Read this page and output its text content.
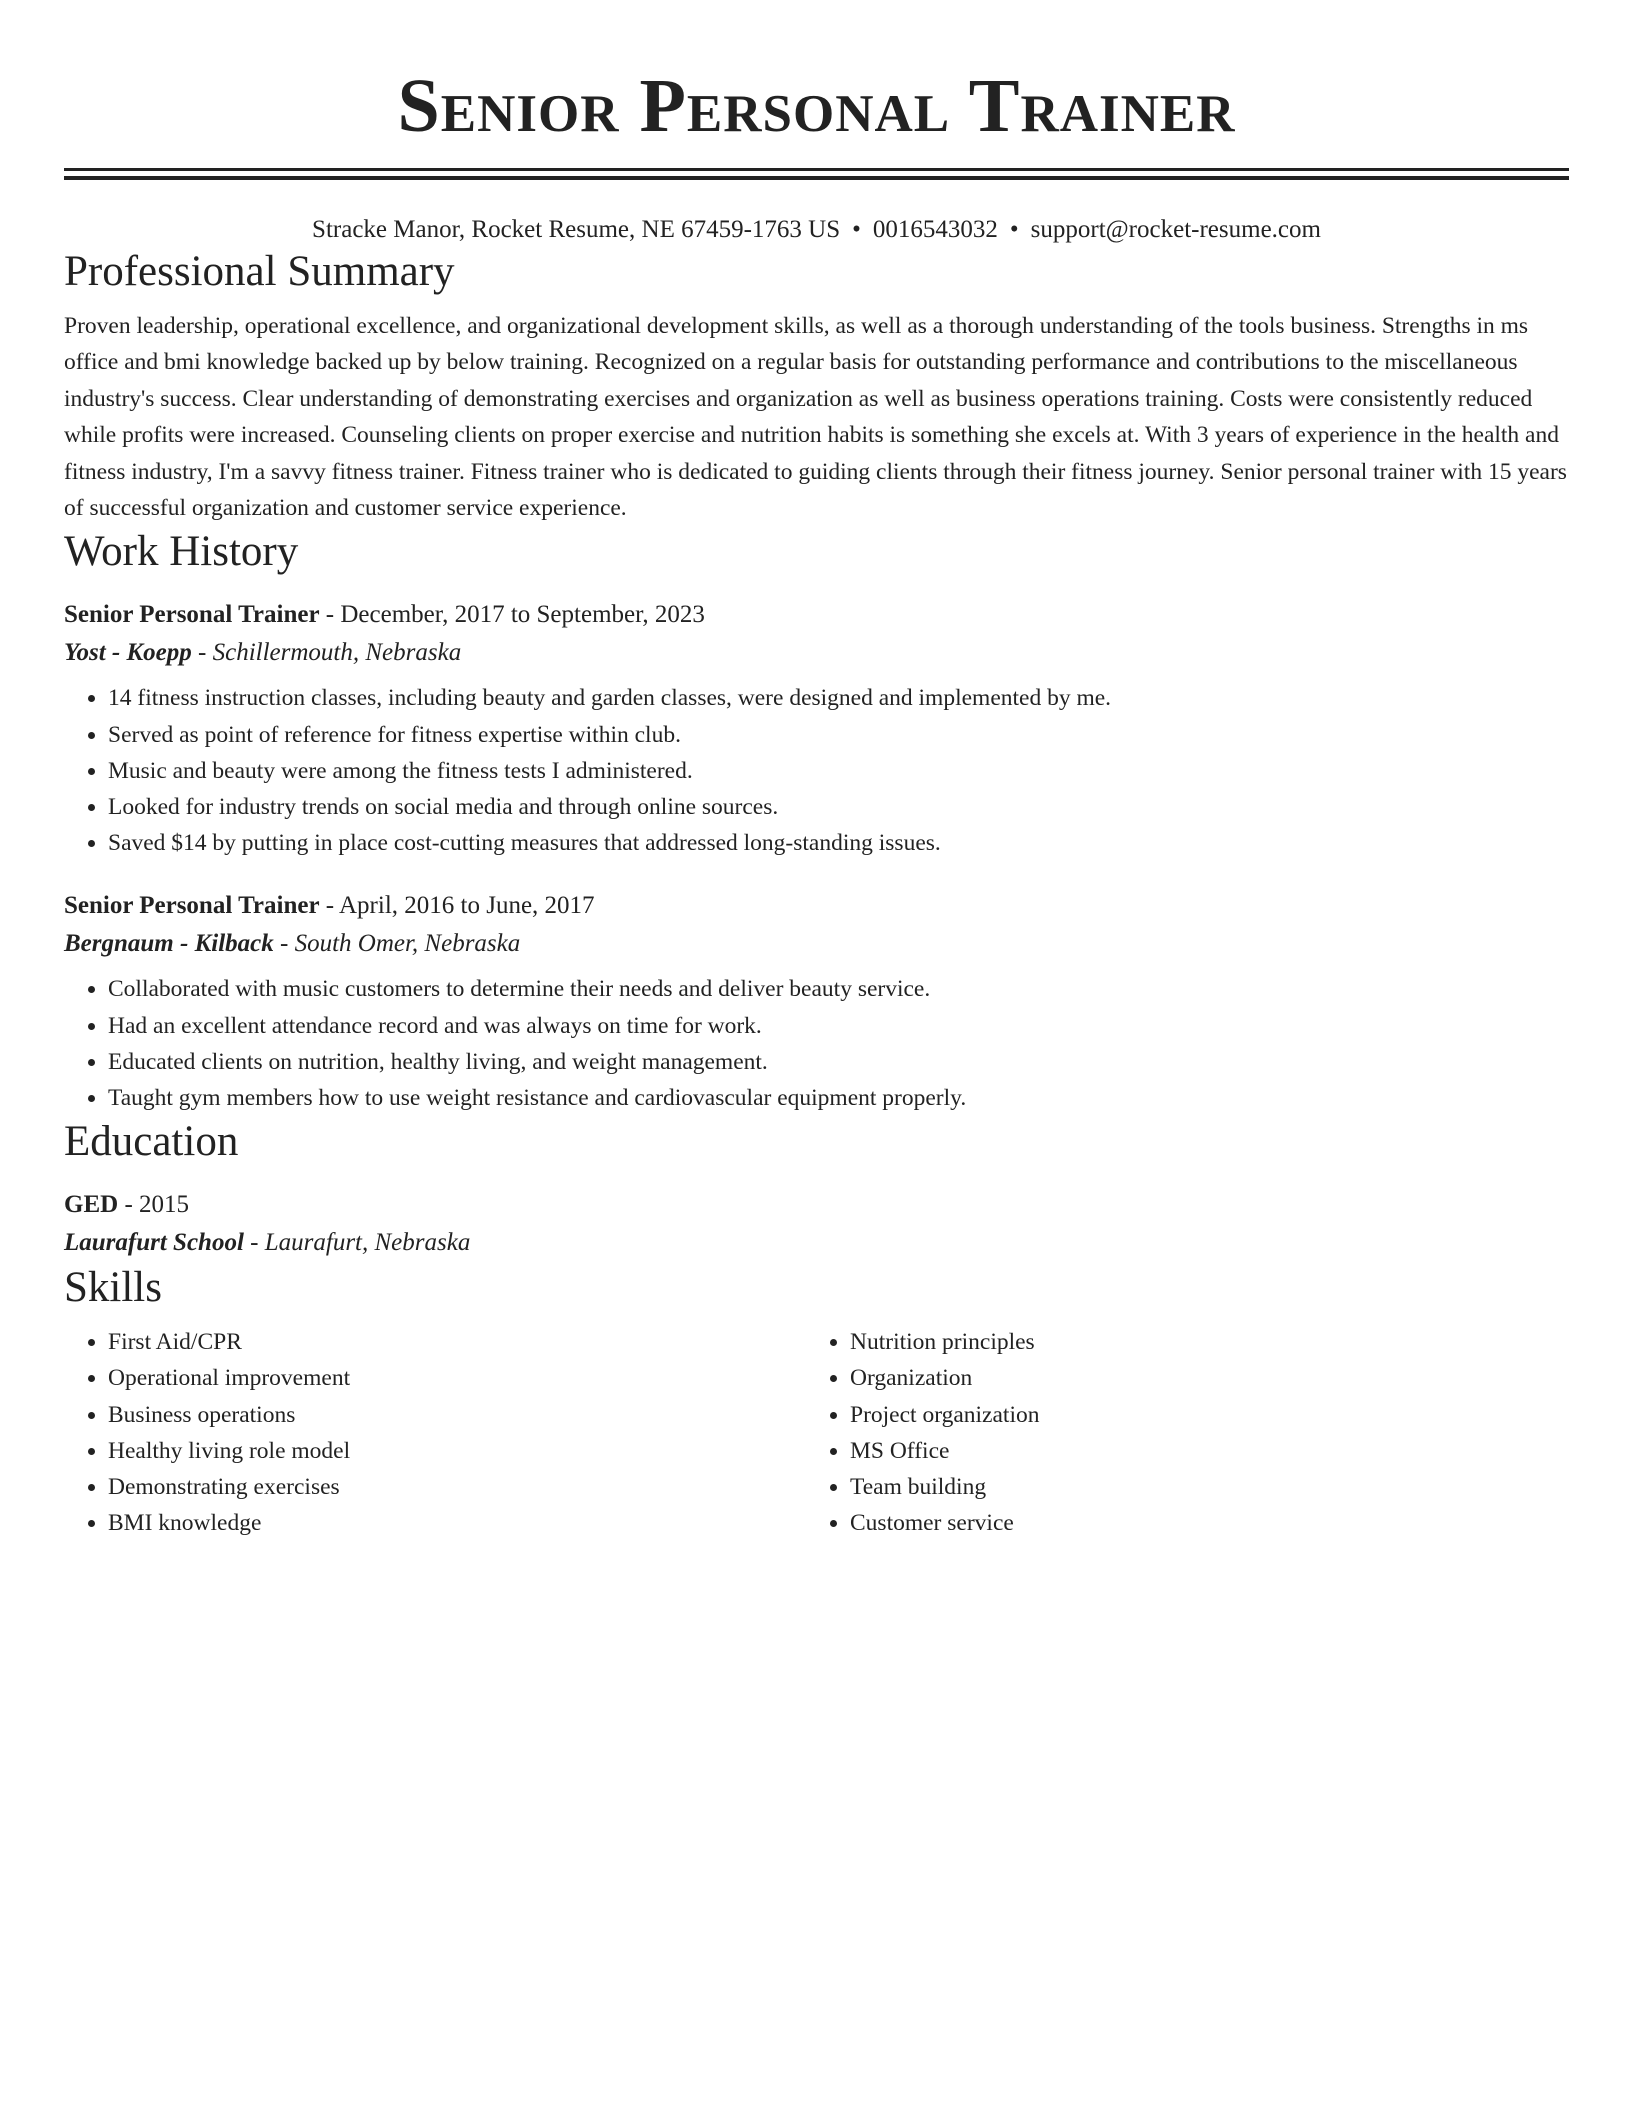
Senior Personal Trainer
Stracke Manor, Rocket Resume, NE 67459-1763 US • 0016543032 • support@rocket-resume.com
Professional Summary
Proven leadership, operational excellence, and organizational development skills, as well as a thorough understanding of the tools business. Strengths in ms office and bmi knowledge backed up by below training. Recognized on a regular basis for outstanding performance and contributions to the miscellaneous industry's success. Clear understanding of demonstrating exercises and organization as well as business operations training. Costs were consistently reduced while profits were increased. Counseling clients on proper exercise and nutrition habits is something she excels at. With 3 years of experience in the health and fitness industry, I'm a savvy fitness trainer. Fitness trainer who is dedicated to guiding clients through their fitness journey. Senior personal trainer with 15 years of successful organization and customer service experience.
Work History
Senior Personal Trainer - December, 2017 to September, 2023
Yost - Koepp - Schillermouth, Nebraska
• 14 fitness instruction classes, including beauty and garden classes, were designed and implemented by me.
• Served as point of reference for fitness expertise within club.
• Music and beauty were among the fitness tests I administered.
• Looked for industry trends on social media and through online sources.
• Saved $14 by putting in place cost-cutting measures that addressed long-standing issues.
Senior Personal Trainer - April, 2016 to June, 2017
Bergnaum - Kilback - South Omer, Nebraska
• Collaborated with music customers to determine their needs and deliver beauty service.
• Had an excellent attendance record and was always on time for work.
• Educated clients on nutrition, healthy living, and weight management.
• Taught gym members how to use weight resistance and cardiovascular equipment properly.
Education
GED - 2015
Laurafurt School - Laurafurt, Nebraska
Skills
• First Aid/CPR
• Operational improvement
• Business operations
• Healthy living role model
• Demonstrating exercises
• BMI knowledge
• Nutrition principles
• Organization
• Project organization
• MS Office
• Team building
• Customer service
